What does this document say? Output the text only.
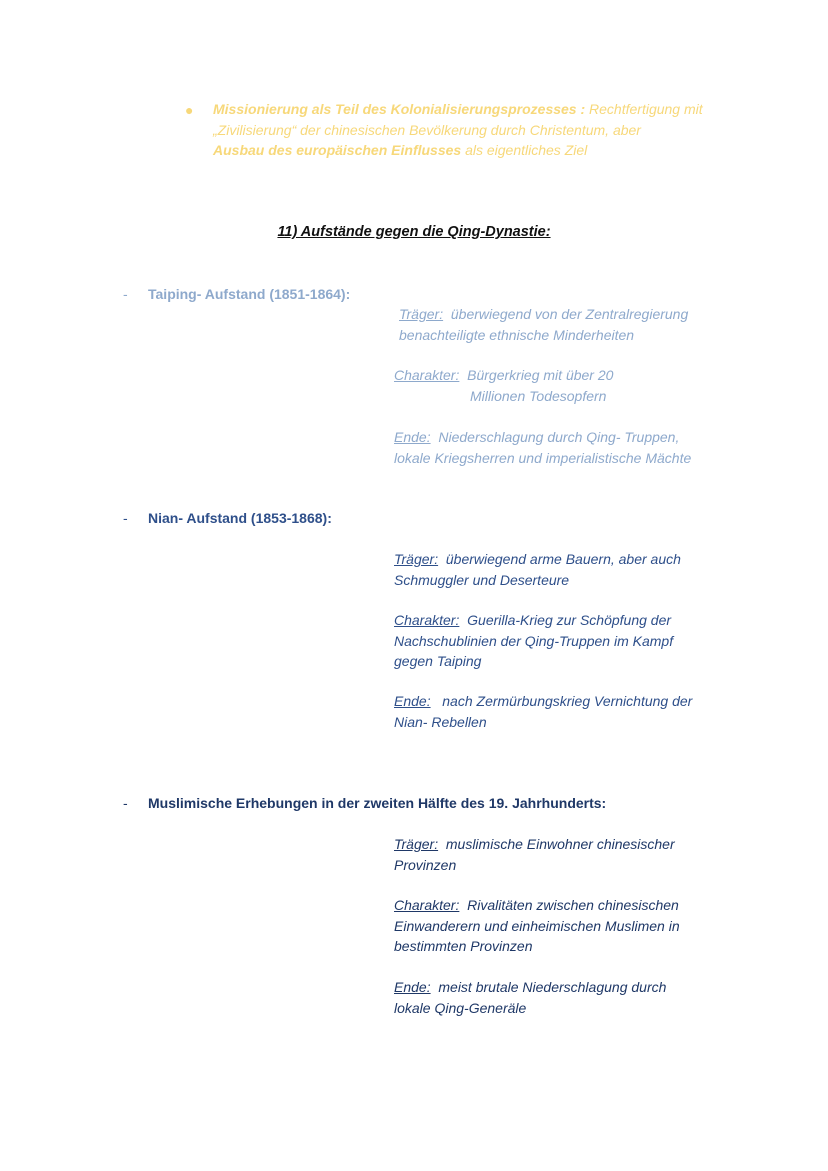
● Missionierung als Teil des Kolonialisierungsprozesses : Rechtfertigung mit
„Zivilisierung“ der chinesischen Bevölkerung durch Christentum, aber
Ausbau des europäischen Einflusses als eigentliches Ziel
11) Aufstände gegen die Qing-Dynastie:
- Taiping- Aufstand (1851-1864):
Träger:  überwiegend von der Zentralregierung
benachteiligte ethnische Minderheiten
Charakter:  Bürgerkrieg mit über 20
Millionen Todesopfern
Ende:  Niederschlagung durch Qing- Truppen,
lokale Kriegsherren und imperialistische Mächte
- Nian- Aufstand (1853-1868):
Träger:  überwiegend arme Bauern, aber auch
Schmuggler und Deserteure
Charakter:  Guerilla-Krieg zur Schöpfung der
Nachschublinien der Qing-Truppen im Kampf
gegen Taiping
Ende:   nach Zermürbungskrieg Vernichtung der
Nian- Rebellen
- Muslimische Erhebungen in der zweiten Hälfte des 19. Jahrhunderts:
Träger:  muslimische Einwohner chinesischer
Provinzen
Charakter:  Rivalitäten zwischen chinesischen
Einwanderern und einheimischen Muslimen in
bestimmten Provinzen
Ende:  meist brutale Niederschlagung durch
lokale Qing-Generäle
